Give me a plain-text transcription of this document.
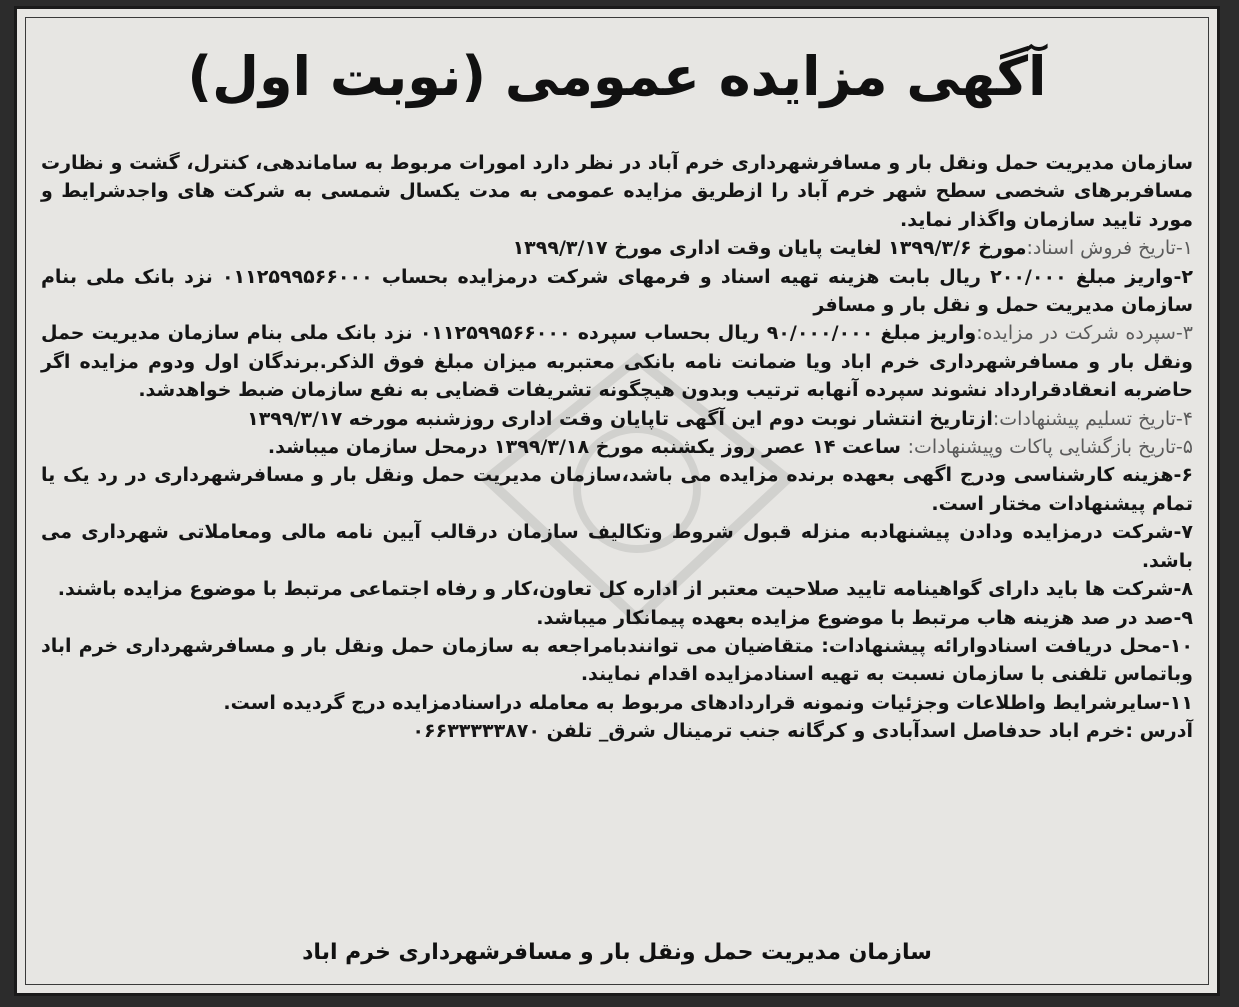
آگهی مزایده عمومی (نوبت اول)

سازمان مدیریت حمل ونقل بار و مسافرشهرداری خرم آباد در نظر دارد امورات مربوط به ساماندهی، کنترل، گشت و نظارت مسافربرهای شخصی سطح شهر خرم آباد را ازطریق مزایده عمومی به مدت یکسال شمسی به شرکت های واجدشرایط و مورد تایید سازمان واگذار نماید.

۱-تاریخ فروش اسناد:مورخ ۱۳۹۹/۳/۶ لغایت پایان وقت اداری مورخ ۱۳۹۹/۳/۱۷

۲-واریز مبلغ ۲۰۰/۰۰۰ ریال بابت هزینه تهیه اسناد و فرمهای شرکت درمزایده بحساب ۰۱۱۲۵۹۹۵۶۶۰۰۰ نزد بانک ملی بنام سازمان مدیریت حمل و نقل بار و مسافر

۳-سپرده شرکت در مزایده:واریز مبلغ ۹۰/۰۰۰/۰۰۰ ریال بحساب سپرده ۰۱۱۲۵۹۹۵۶۶۰۰۰ نزد بانک ملی بنام سازمان مدیریت حمل ونقل بار و مسافرشهرداری خرم اباد ویا ضمانت نامه بانکی معتبربه میزان مبلغ فوق الذکر.برندگان اول ودوم مزایده اگر حاضربه انعقادقرارداد نشوند سپرده آنهابه ترتیب وبدون هیچگونه تشریفات قضایی به نفع سازمان ضبط خواهدشد.

۴-تاریخ تسلیم پیشنهادات:ازتاریخ انتشار نوبت دوم این آگهی تاپایان وقت اداری روزشنبه مورخه ۱۳۹۹/۳/۱۷

۵-تاریخ بازگشایی پاکات وپیشنهادات: ساعت ۱۴ عصر روز یکشنبه مورخ ۱۳۹۹/۳/۱۸ درمحل سازمان میباشد.

۶-هزینه کارشناسی ودرج اگهی بعهده برنده مزایده می باشد،سازمان مدیریت حمل ونقل بار و مسافرشهرداری در رد یک یا تمام پیشنهادات مختار است.

۷-شرکت درمزایده ودادن پیشنهادبه منزله قبول شروط وتکالیف سازمان درقالب آیین نامه مالی ومعاملاتی شهرداری می باشد.

۸-شرکت ها باید دارای گواهینامه تایید صلاحیت معتبر از اداره کل تعاون،کار و رفاه اجتماعی مرتبط با موضوع مزایده باشند.

۹-صد در صد هزینه هاب مرتبط با موضوع مزایده بعهده پیمانکار میباشد.

۱۰-محل دریافت اسنادوارائه پیشنهادات: متقاضیان می توانندبامراجعه به سازمان حمل ونقل بار و مسافرشهرداری خرم اباد وباتماس تلفنی با سازمان نسبت به تهیه اسنادمزایده اقدام نمایند.

۱۱-سایرشرایط واطلاعات وجزئیات ونمونه قراردادهای مربوط به معامله دراسنادمزایده درج گردیده است.

آدرس :خرم اباد حدفاصل اسدآبادی و کرگانه جنب ترمینال شرق_ تلفن ۰۶۶۳۳۳۳۳۸۷۰

سازمان مدیریت حمل ونقل بار و مسافرشهرداری خرم اباد
